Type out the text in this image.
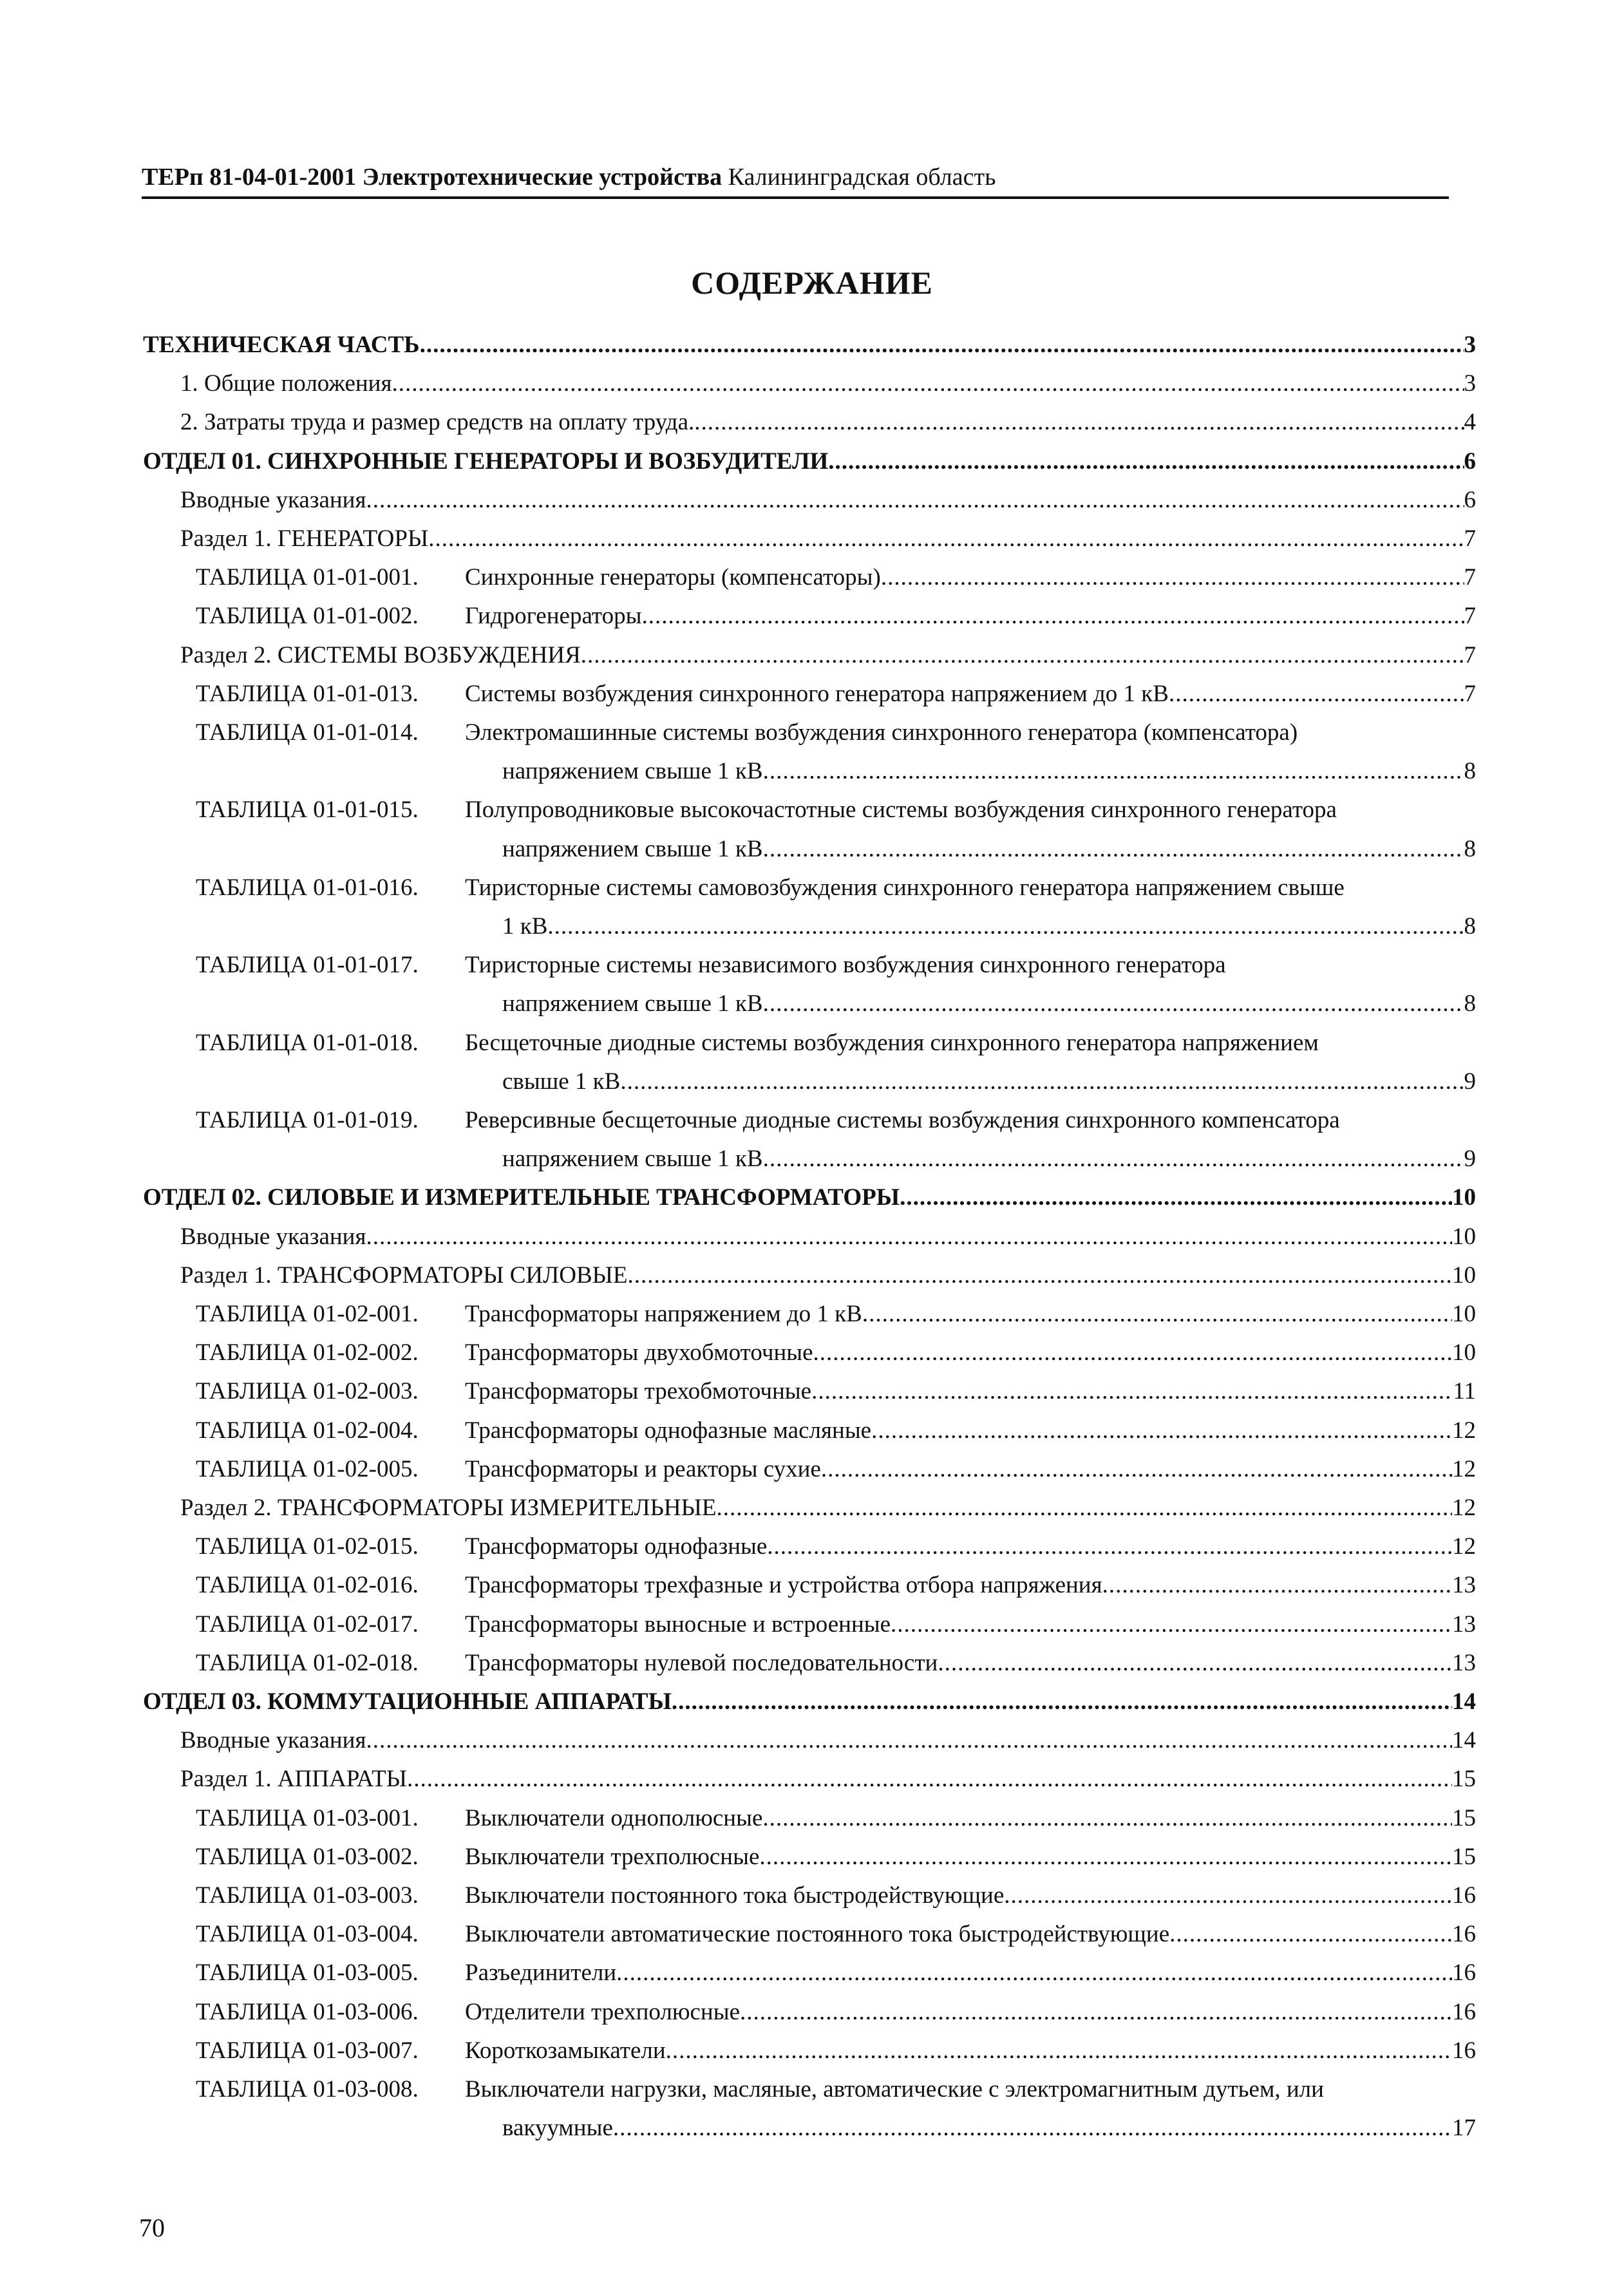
ТЕРп 81-04-01-2001 Электротехнические устройства Калининградская область
СОДЕРЖАНИЕ
ТЕХНИЧЕСКАЯ ЧАСТЬ .....	3
1. Общие положения .....	3
2. Затраты труда и размер средств на оплату труда. .....	4
ОТДЕЛ 01. СИНХРОННЫЕ ГЕНЕРАТОРЫ И ВОЗБУДИТЕЛИ .....	6
Вводные указания .....	6
Раздел 1. ГЕНЕРАТОРЫ .....	7
ТАБЛИЦА 01-01-001.	Синхронные генераторы (компенсаторы) .....	7
ТАБЛИЦА 01-01-002.	Гидрогенераторы .....	7
Раздел 2. СИСТЕМЫ ВОЗБУЖДЕНИЯ .....	7
ТАБЛИЦА 01-01-013.	Системы возбуждения синхронного генератора напряжением до 1 кВ .....	7
ТАБЛИЦА 01-01-014.	Электромашинные системы возбуждения синхронного генератора (компенсатора)
напряжением свыше 1 кВ .....	8
ТАБЛИЦА 01-01-015.	Полупроводниковые высокочастотные системы возбуждения синхронного генератора
напряжением свыше 1 кВ .....	8
ТАБЛИЦА 01-01-016.	Тиристорные системы самовозбуждения синхронного генератора напряжением свыше
1 кВ .....	8
ТАБЛИЦА 01-01-017.	Тиристорные системы независимого возбуждения синхронного генератора
напряжением свыше 1 кВ .....	8
ТАБЛИЦА 01-01-018.	Бесщеточные диодные системы возбуждения синхронного генератора напряжением
свыше 1 кВ .....	9
ТАБЛИЦА 01-01-019.	Реверсивные бесщеточные диодные системы возбуждения синхронного компенсатора
напряжением свыше 1 кВ .....	9
ОТДЕЛ 02. СИЛОВЫЕ И ИЗМЕРИТЕЛЬНЫЕ ТРАНСФОРМАТОРЫ .....	10
Вводные указания .....	10
Раздел 1. ТРАНСФОРМАТОРЫ СИЛОВЫЕ .....	10
ТАБЛИЦА 01-02-001.	Трансформаторы напряжением до 1 кВ .....	10
ТАБЛИЦА 01-02-002.	Трансформаторы двухобмоточные .....	10
ТАБЛИЦА 01-02-003.	Трансформаторы трехобмоточные .....	11
ТАБЛИЦА 01-02-004.	Трансформаторы однофазные масляные .....	12
ТАБЛИЦА 01-02-005.	Трансформаторы и реакторы сухие .....	12
Раздел 2. ТРАНСФОРМАТОРЫ ИЗМЕРИТЕЛЬНЫЕ .....	12
ТАБЛИЦА 01-02-015.	Трансформаторы однофазные .....	12
ТАБЛИЦА 01-02-016.	Трансформаторы трехфазные и устройства отбора напряжения .....	13
ТАБЛИЦА 01-02-017.	Трансформаторы выносные и встроенные .....	13
ТАБЛИЦА 01-02-018.	Трансформаторы нулевой последовательности .....	13
ОТДЕЛ 03. КОММУТАЦИОННЫЕ АППАРАТЫ .....	14
Вводные указания .....	14
Раздел 1. АППАРАТЫ .....	15
ТАБЛИЦА 01-03-001.	Выключатели однополюсные .....	15
ТАБЛИЦА 01-03-002.	Выключатели трехполюсные .....	15
ТАБЛИЦА 01-03-003.	Выключатели постоянного тока быстродействующие .....	16
ТАБЛИЦА 01-03-004.	Выключатели автоматические постоянного тока быстродействующие .....	16
ТАБЛИЦА 01-03-005.	Разъединители .....	16
ТАБЛИЦА 01-03-006.	Отделители трехполюсные .....	16
ТАБЛИЦА 01-03-007.	Короткозамыкатели .....	16
ТАБЛИЦА 01-03-008.	Выключатели нагрузки, масляные, автоматические с электромагнитным дутьем, или
вакуумные .....	17
70
